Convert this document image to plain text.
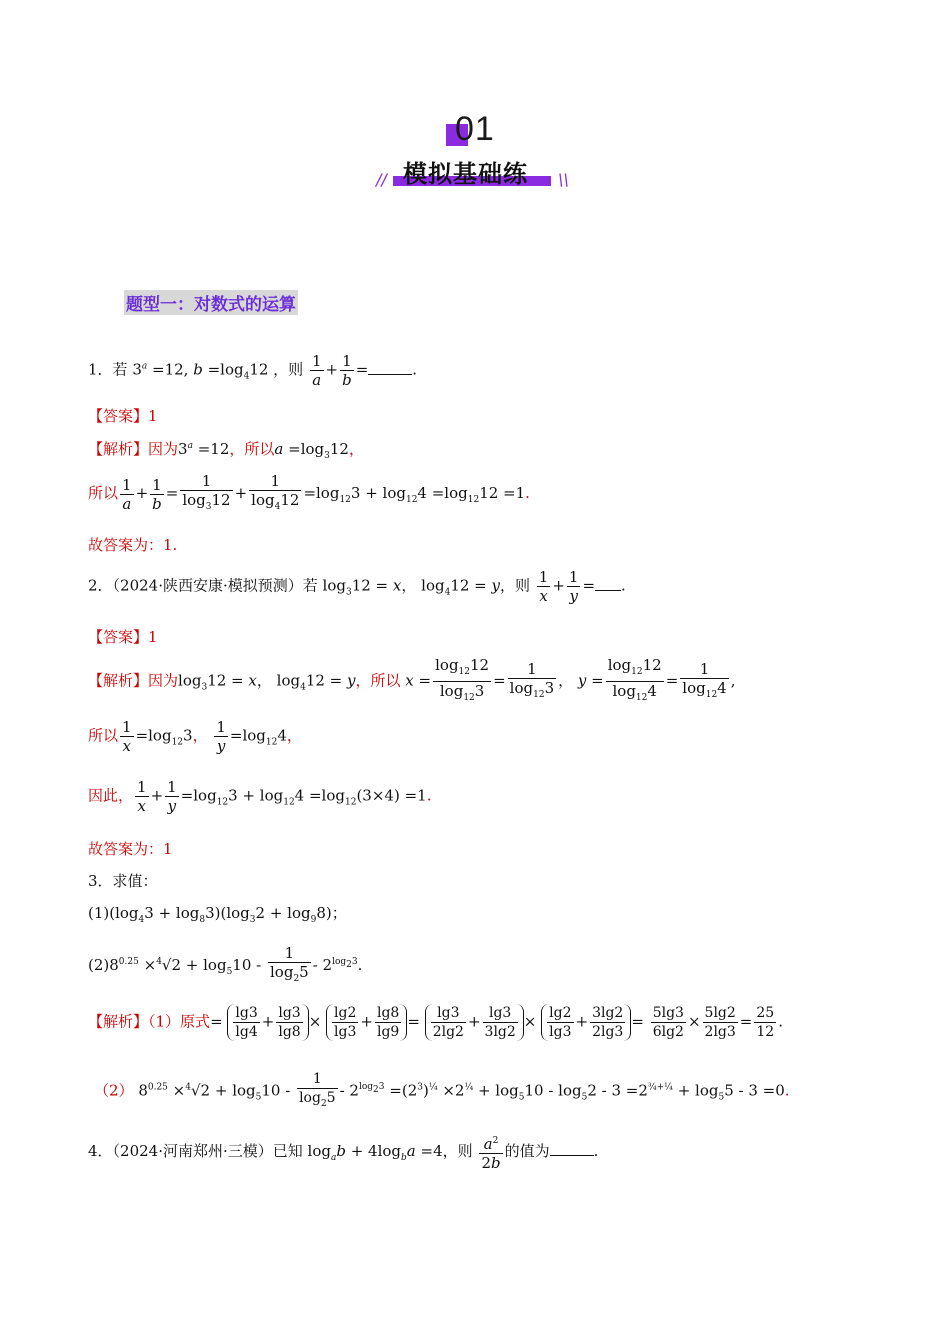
01
模拟基础练
//	\\
题型一：对数式的运算
1．若 $3^a =12$, $b =\log_412$ ，则 $\frac{1}{a} + \frac{1}{b}$ =	.
【答案】1
【解析】因为$3^a =12$，所以$a =\log_312$，
所以 $\frac{1}{a} + \frac{1}{b} = \frac{1}{\log_312} + \frac{1}{\log_412} =\log_{12}3 + \log_{12}4 =\log_{12}12 =1$.
故答案为：1.
2．（2024·陕西安康·模拟预测）若 $\log_312 = x$， $\log_412 = y$，则 $\frac{1}{x} + \frac{1}{y}$ = .
【答案】1
【解析】因为$\log_312 = x$， $\log_412 = y$，所以 $x = \frac{\log_{12}12}{\log_{12}3} = \frac{1}{\log_{12}3}$ ， $y = \frac{\log_{12}12}{\log_{12}4} = \frac{1}{\log_{12}4}$ ,
所以 $\frac{1}{x} =\log_{12}3$， $\frac{1}{y} =\log_{12}4$，
因此， $\frac{1}{x} + \frac{1}{y} =\log_{12}3 + \log_{12}4 =\log_{12}(3\times 4) =1$.
故答案为：1
3．求值：
$(1)(\log_43 + \log_83)(\log_32 + \log_98)$；
$(2)8^{0.25} \times^4√2 + \log_510 - \frac{1}{\log_25} - 2^{log_23}$.
【解析】（1）原式= $\frac{\lg 3}{\lg 4} + \frac{\lg 3}{\lg 8} \times \frac{\lg 2}{\lg 3} + \frac{\lg 8}{\lg 9} = \frac{\lg 3}{2\lg 2} + \frac{\lg 3}{3\lg 2} \times \frac{\lg 2}{\lg 3} + \frac{3\lg 2}{2\lg 3} = \frac{5\lg 3}{6\lg 2} \times \frac{5\lg 2}{2\lg 3} = \frac{25}{12}$ .
（2） $8^{0.25} \times^4√2 + \log_510 - \frac{1}{\log_25} - 2^{log_23} =(2^3)^{\frac{1}{4}} \times 2^{\frac{1}{4}} + \log_510 - \log_52 - 3 =2^{\frac{3}{4}+\frac{1}{4}} + \log_55 - 3 =0$.
4．（2024·河南郑州·三模）已知 $\log_ab + 4\log_ba =4$，则 $\frac{a^2}{2b}$ 的值为	.
